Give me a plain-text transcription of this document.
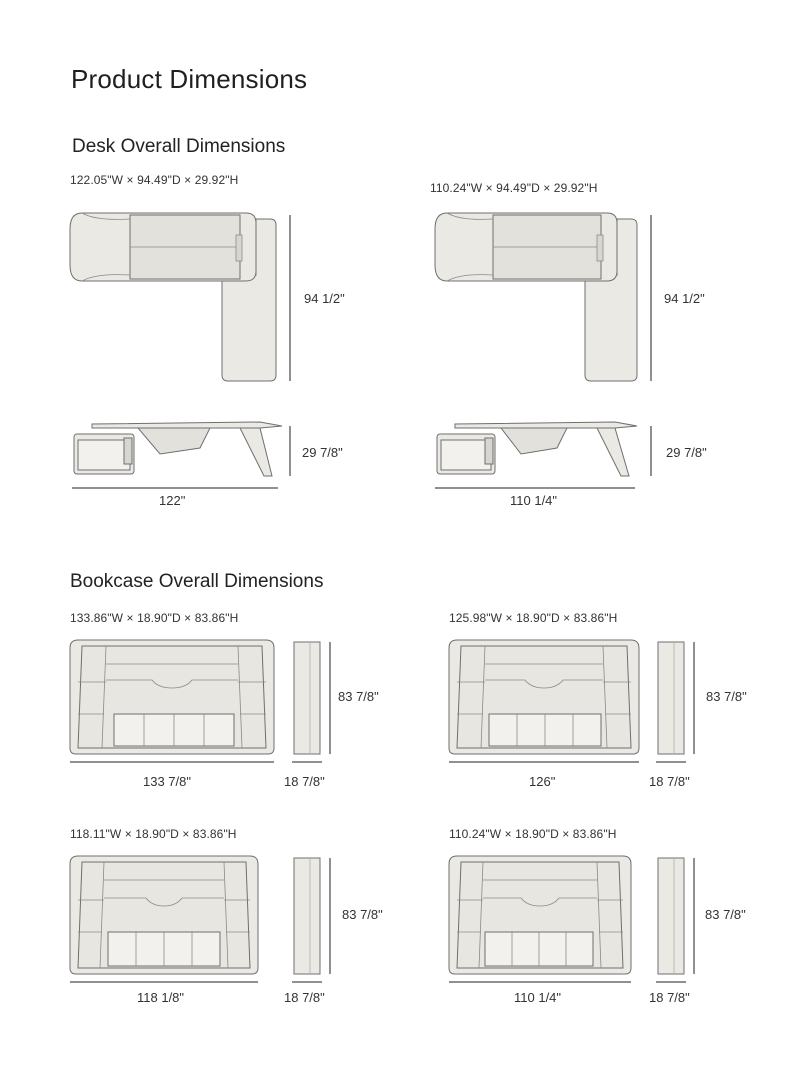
Product Dimensions
Desk Overall Dimensions
Bookcase Overall Dimensions
122.05"W × 94.49"D × 29.92"H
94 1/2"
29 7/8"
122"
110.24"W × 94.49"D × 29.92"H
94 1/2"
29 7/8"
110 1/4"
133.86"W × 18.90"D × 83.86"H
83 7/8"
133 7/8"	18 7/8"
125.98"W × 18.90"D × 83.86"H
83 7/8"
126"	18 7/8"
118.11"W × 18.90"D × 83.86"H
83 7/8"
118 1/8"	18 7/8"
110.24"W × 18.90"D × 83.86"H
83 7/8"
110 1/4"	18 7/8"
